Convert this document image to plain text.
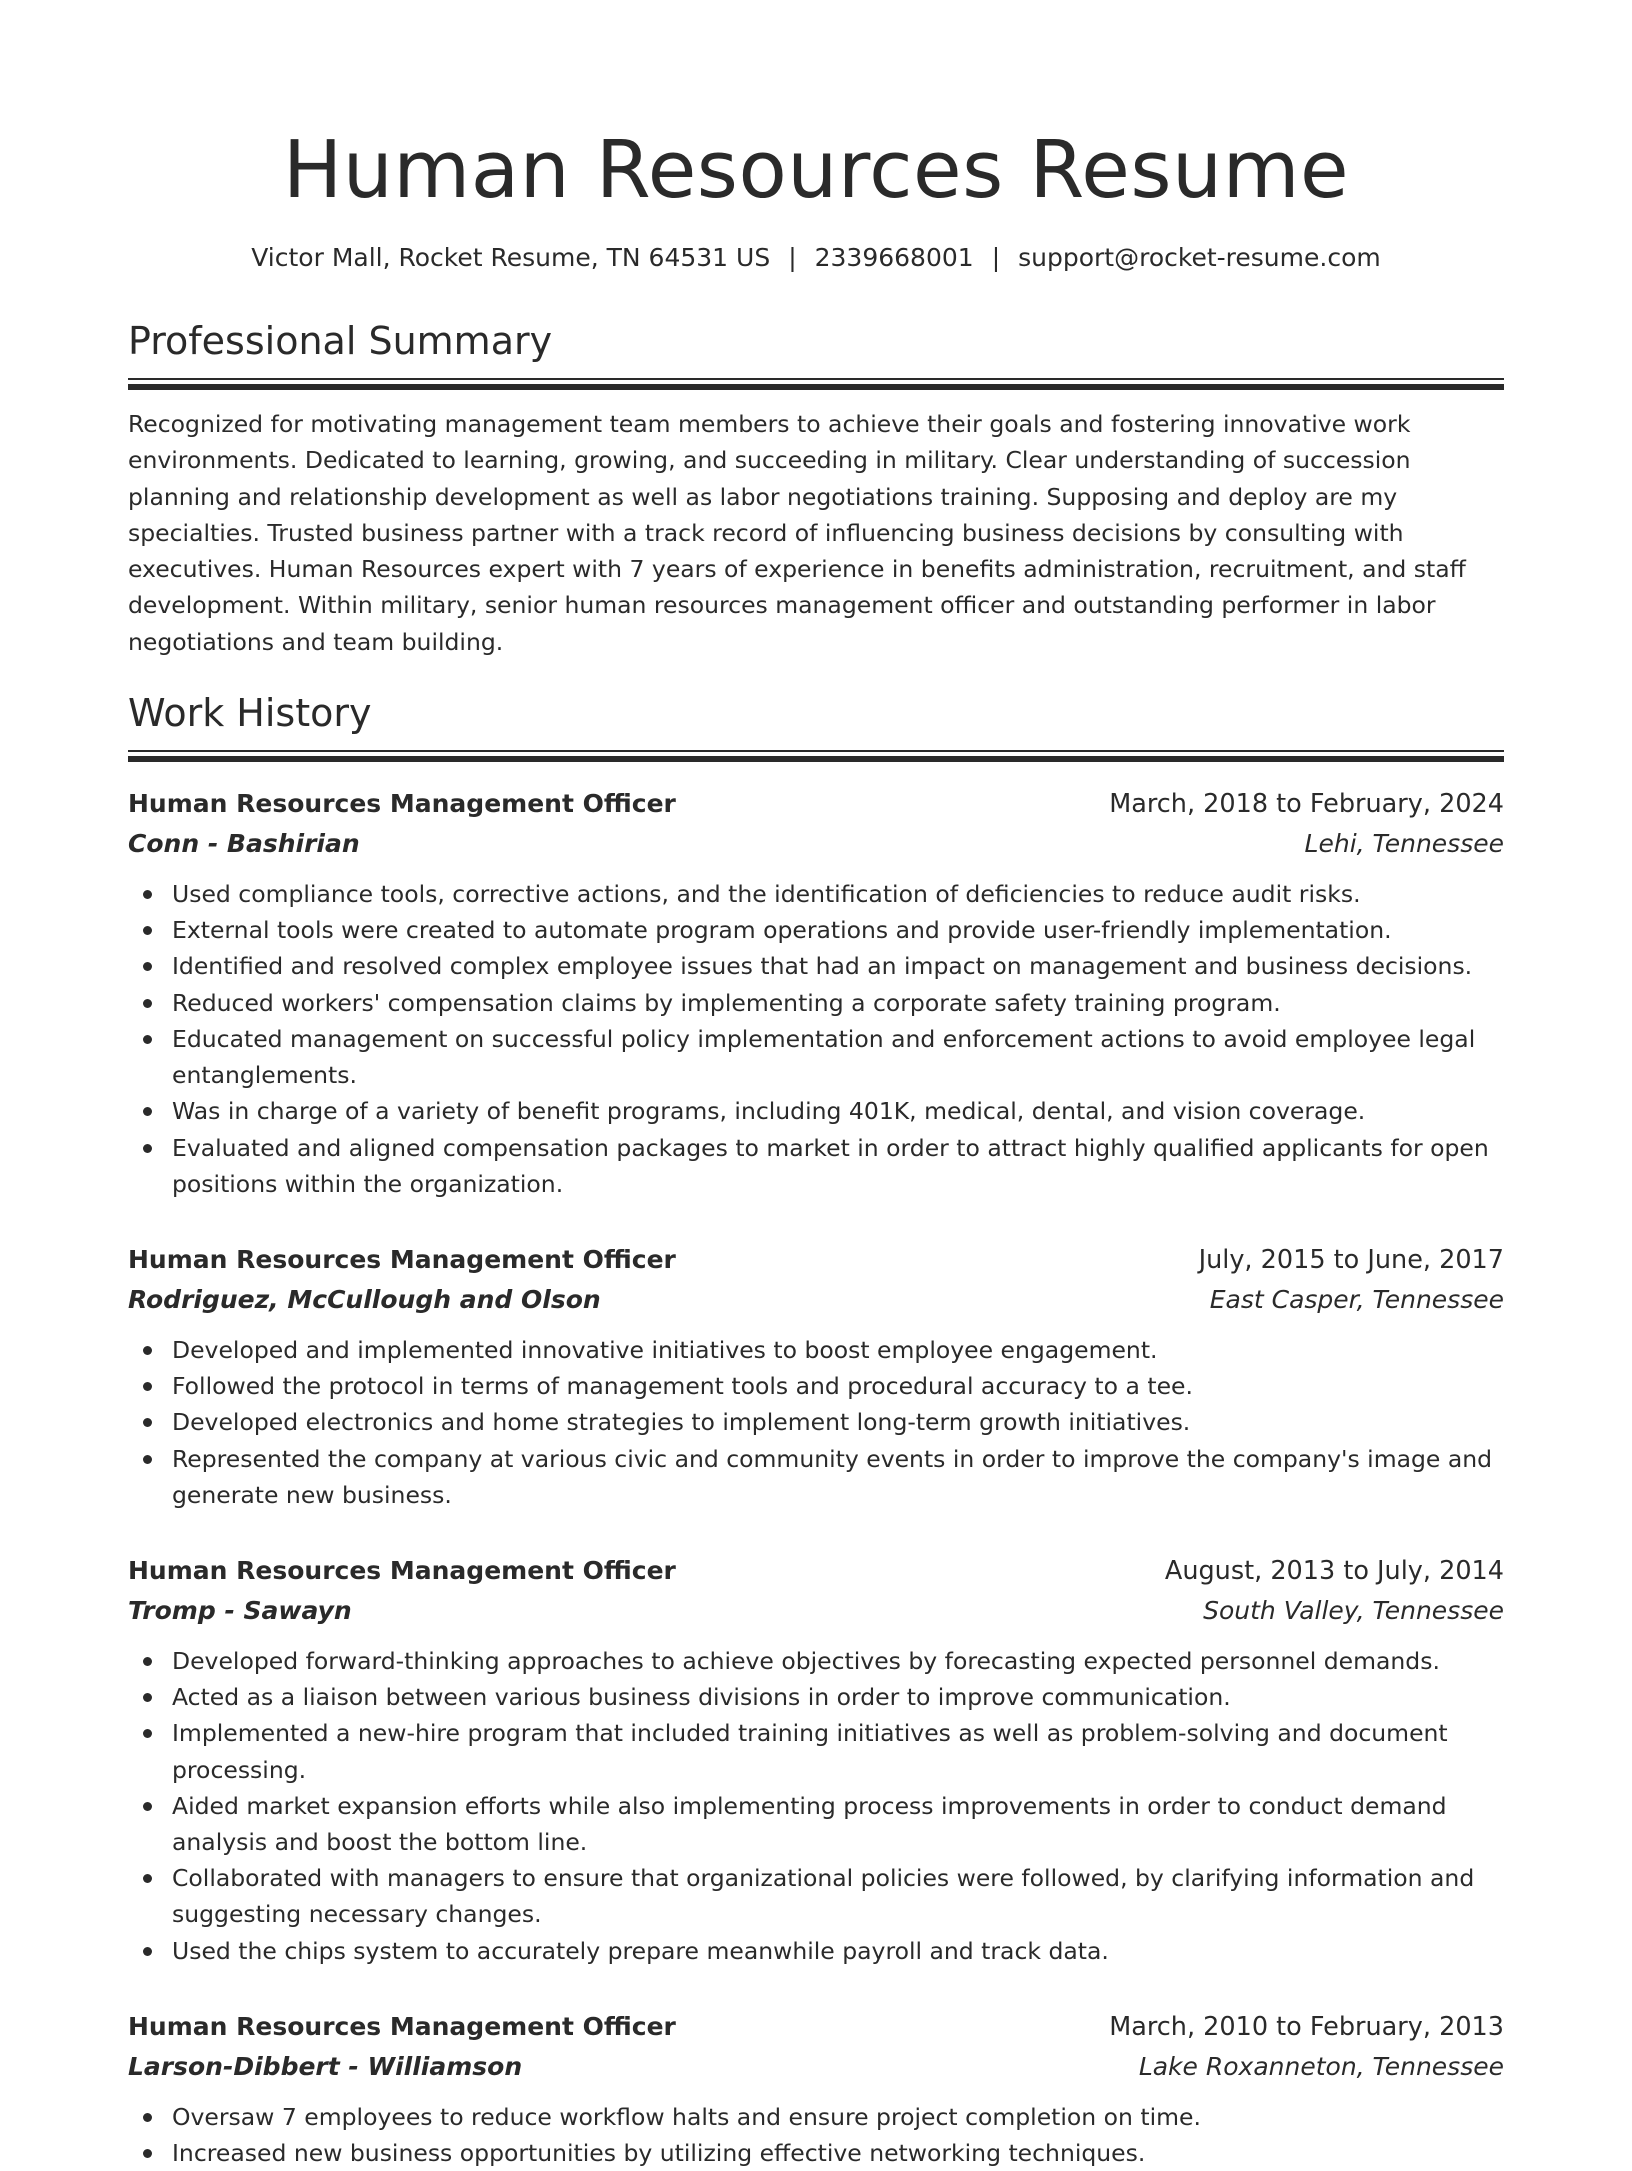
Human Resources Resume
Victor Mall, Rocket Resume, TN 64531 US | 2339668001 | support@rocket-resume.com
Professional Summary

Recognized for motivating management team members to achieve their goals and fostering innovative work environments. Dedicated to learning, growing, and succeeding in military. Clear understanding of succession planning and relationship development as well as labor negotiations training. Supposing and deploy are my specialties. Trusted business partner with a track record of influencing business decisions by consulting with executives. Human Resources expert with 7 years of experience in benefits administration, recruitment, and staff development. Within military, senior human resources management officer and outstanding performer in labor negotiations and team building.

Work History
Human Resources Management Officer	March, 2018 to February, 2024
Conn - Bashirian	Lehi, Tennessee
Used compliance tools, corrective actions, and the identification of deficiencies to reduce audit risks.
External tools were created to automate program operations and provide user-friendly implementation.
Identified and resolved complex employee issues that had an impact on management and business decisions.
Reduced workers' compensation claims by implementing a corporate safety training program.
Educated management on successful policy implementation and enforcement actions to avoid employee legal entanglements.
Was in charge of a variety of benefit programs, including 401K, medical, dental, and vision coverage.
Evaluated and aligned compensation packages to market in order to attract highly qualified applicants for open positions within the organization.
Human Resources Management Officer	July, 2015 to June, 2017
Rodriguez, McCullough and Olson	East Casper, Tennessee
Developed and implemented innovative initiatives to boost employee engagement.
Followed the protocol in terms of management tools and procedural accuracy to a tee.
Developed electronics and home strategies to implement long-term growth initiatives.
Represented the company at various civic and community events in order to improve the company's image and generate new business.
Human Resources Management Officer	August, 2013 to July, 2014
Tromp - Sawayn	South Valley, Tennessee
Developed forward-thinking approaches to achieve objectives by forecasting expected personnel demands.
Acted as a liaison between various business divisions in order to improve communication.
Implemented a new-hire program that included training initiatives as well as problem-solving and document processing.
Aided market expansion efforts while also implementing process improvements in order to conduct demand analysis and boost the bottom line.
Collaborated with managers to ensure that organizational policies were followed, by clarifying information and suggesting necessary changes.
Used the chips system to accurately prepare meanwhile payroll and track data.
Human Resources Management Officer	March, 2010 to February, 2013
Larson-Dibbert - Williamson	Lake Roxanneton, Tennessee
Oversaw 7 employees to reduce workflow halts and ensure project completion on time.
Increased new business opportunities by utilizing effective networking techniques.
